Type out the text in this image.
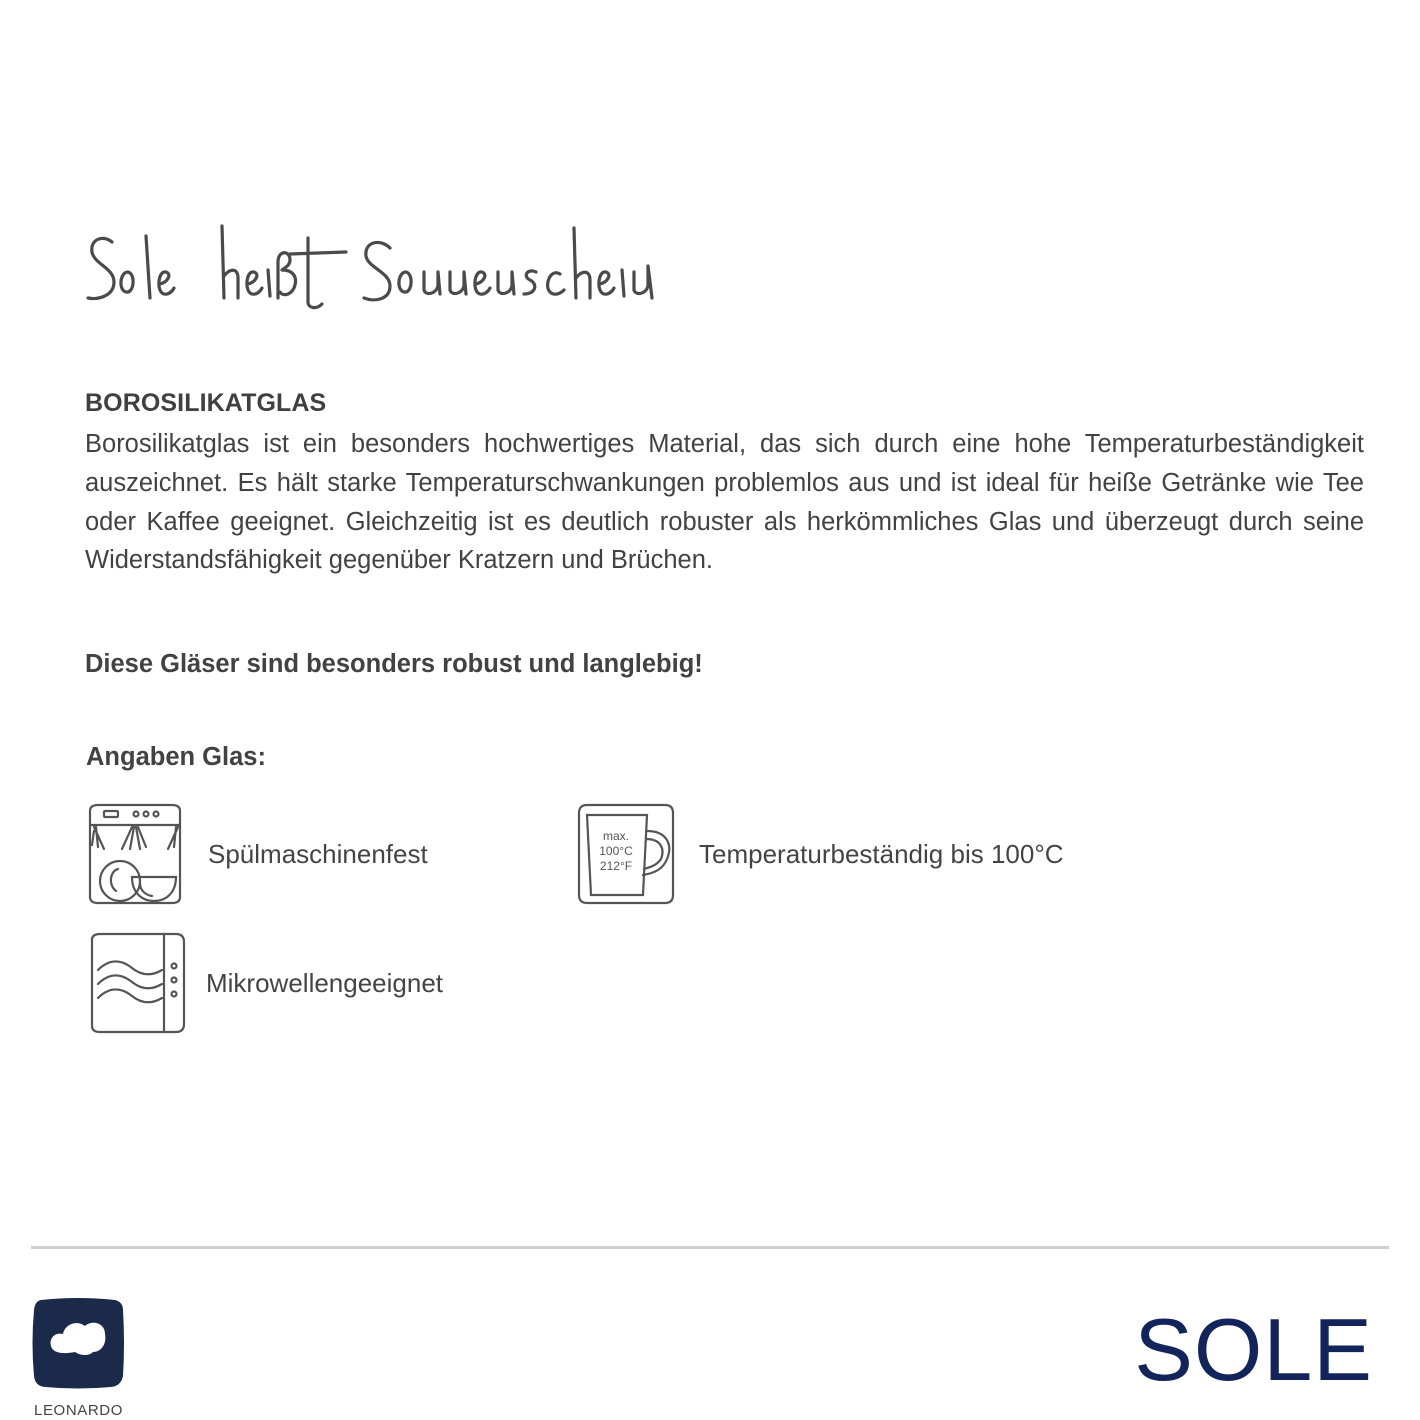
BOROSILIKATGLAS

Borosilikatglas ist ein besonders hochwertiges Material, das sich durch eine hohe Temperaturbeständigkeit auszeichnet. Es hält starke Temperaturschwankungen problemlos aus und ist ideal für heiße Getränke wie Tee oder Kaffee geeignet. Gleichzeitig ist es deutlich robuster als herkömmliches Glas und überzeugt durch seine Widerstandsfähigkeit gegenüber Kratzern und Brüchen.

Diese Gläser sind besonders robust und langlebig!
Angaben Glas:
Spülmaschinenfest
max.
100°C
212°F	Temperaturbeständig bis 100°C
Mikrowellengeeignet
LEONARDO
SOLE
